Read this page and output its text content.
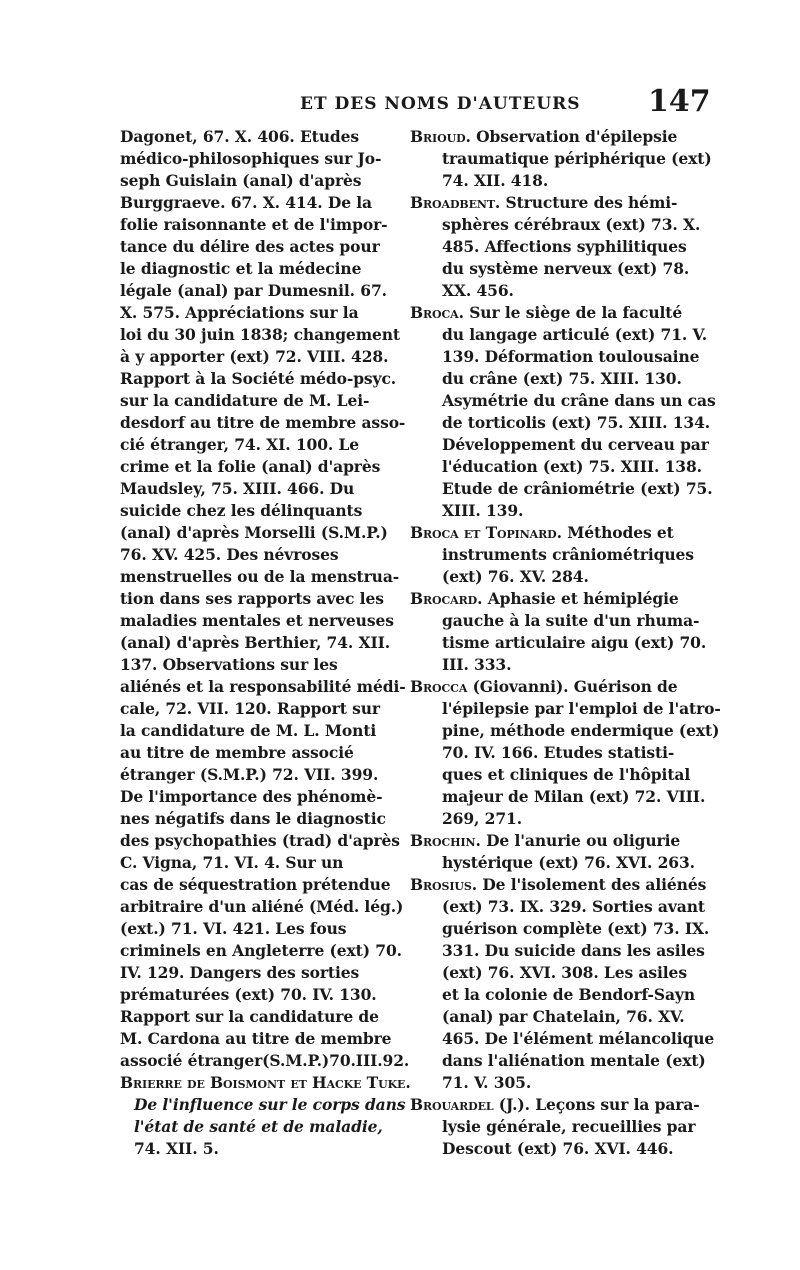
ET DES NOMS D'AUTEURS 147
Dagonet, 67. X. 406. Etudes
médico-philosophiques sur Jo-
seph Guislain (anal) d'après
Burggraeve. 67. X. 414. De la
folie raisonnante et de l'impor-
tance du délire des actes pour
le diagnostic et la médecine
légale (anal) par Dumesnil. 67.
X. 575. Appréciations sur la
loi du 30 juin 1838; changement
à y apporter (ext) 72. VIII. 428.
Rapport à la Société médo-psyc.
sur la candidature de M. Lei-
desdorf au titre de membre asso-
cié étranger, 74. XI. 100. Le
crime et la folie (anal) d'après
Maudsley, 75. XIII. 466. Du
suicide chez les délinquants
(anal) d'après Morselli (S.M.P.)
76. XV. 425. Des névroses
menstruelles ou de la menstrua-
tion dans ses rapports avec les
maladies mentales et nerveuses
(anal) d'après Berthier, 74. XII.
137. Observations sur les
aliénés et la responsabilité médi-
cale, 72. VII. 120. Rapport sur
la candidature de M. L. Monti
au titre de membre associé
étranger (S.M.P.) 72. VII. 399.
De l'importance des phénomè-
nes négatifs dans le diagnostic
des psychopathies (trad) d'après
C. Vigna, 71. VI. 4. Sur un
cas de séquestration prétendue
arbitraire d'un aliéné (Méd. lég.)
(ext.) 71. VI. 421. Les fous
criminels en Angleterre (ext) 70.
IV. 129. Dangers des sorties
prématurées (ext) 70. IV. 130.
Rapport sur la candidature de
M. Cardona au titre de membre
associé étranger(S.M.P.)70.III.92.
Brierre de Boismont et Hacke Tuke.
De l'influence sur le corps dans
l'état de santé et de maladie,
74. XII. 5.
Brioud. Observation d'épilepsie
traumatique périphérique (ext)
74. XII. 418.
Broadbent. Structure des hémi-
sphères cérébraux (ext) 73. X.
485. Affections syphilitiques
du système nerveux (ext) 78.
XX. 456.
Broca. Sur le siège de la faculté
du langage articulé (ext) 71. V.
139. Déformation toulousaine
du crâne (ext) 75. XIII. 130.
Asymétrie du crâne dans un cas
de torticolis (ext) 75. XIII. 134.
Développement du cerveau par
l'éducation (ext) 75. XIII. 138.
Etude de crâniométrie (ext) 75.
XIII. 139.
Broca et Topinard. Méthodes et
instruments crâniométriques
(ext) 76. XV. 284.
Brocard. Aphasie et hémiplégie
gauche à la suite d'un rhuma-
tisme articulaire aigu (ext) 70.
III. 333.
Brocca (Giovanni). Guérison de
l'épilepsie par l'emploi de l'atro-
pine, méthode endermique (ext)
70. IV. 166. Etudes statisti-
ques et cliniques de l'hôpital
majeur de Milan (ext) 72. VIII.
269, 271.
Brochin. De l'anurie ou oligurie
hystérique (ext) 76. XVI. 263.
Brosius. De l'isolement des aliénés
(ext) 73. IX. 329. Sorties avant
guérison complète (ext) 73. IX.
331. Du suicide dans les asiles
(ext) 76. XVI. 308. Les asiles
et la colonie de Bendorf-Sayn
(anal) par Chatelain, 76. XV.
465. De l'élément mélancolique
dans l'aliénation mentale (ext)
71. V. 305.
Brouardel (J.). Leçons sur la para-
lysie générale, recueillies par
Descout (ext) 76. XVI. 446.
